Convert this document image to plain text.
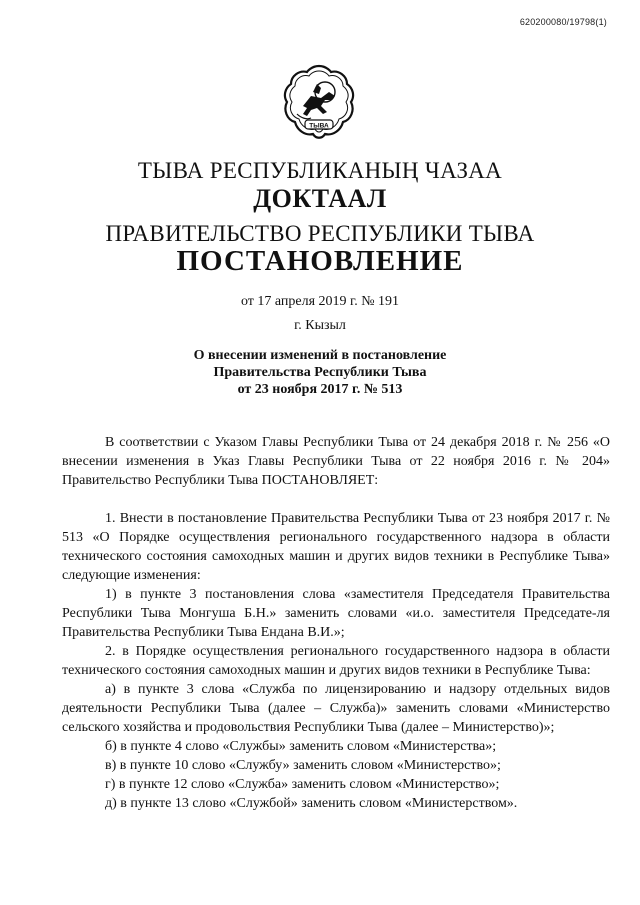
620200080/19798(1)
ТЫВА
ТЫВА РЕСПУБЛИКАНЫҢ ЧАЗАА
ДОКТААЛ
ПРАВИТЕЛЬСТВО РЕСПУБЛИКИ ТЫВА
ПОСТАНОВЛЕНИЕ
от 17 апреля 2019 г. № 191
г. Кызыл
О внесении изменений в постановление
Правительства Республики Тыва
от 23 ноября 2017 г. № 513

В соответствии с Указом Главы Республики Тыва от 24 декабря 2018 г. № 256 «О внесении изменения в Указ Главы Республики Тыва от 22 ноября 2016 г. № 204» Правительство Республики Тыва ПОСТАНОВЛЯЕТ:

1. Внести в постановление Правительства Республики Тыва от 23 ноября 2017 г. № 513 «О Порядке осуществления регионального государственного надзора в области технического состояния самоходных машин и других видов техники в Республике Тыва» следующие изменения:

1) в пункте 3 постановления слова «заместителя Председателя Правительства Республики Тыва Монгуша Б.Н.» заменить словами «и.о. заместителя Председате-ля Правительства Республики Тыва Ендана В.И.»;

2. в Порядке осуществления регионального государственного надзора в области технического состояния самоходных машин и других видов техники в Республике Тыва:

а) в пункте 3 слова «Служба по лицензированию и надзору отдельных видов деятельности Республики Тыва (далее – Служба)» заменить словами «Министерство сельского хозяйства и продовольствия Республики Тыва (далее – Министерство)»;

б) в пункте 4 слово «Службы» заменить словом «Министерства»;

в) в пункте 10 слово «Службу» заменить словом «Министерство»;

г) в пункте 12 слово «Служба» заменить словом «Министерство»;

д) в пункте 13 слово «Службой» заменить словом «Министерством».
